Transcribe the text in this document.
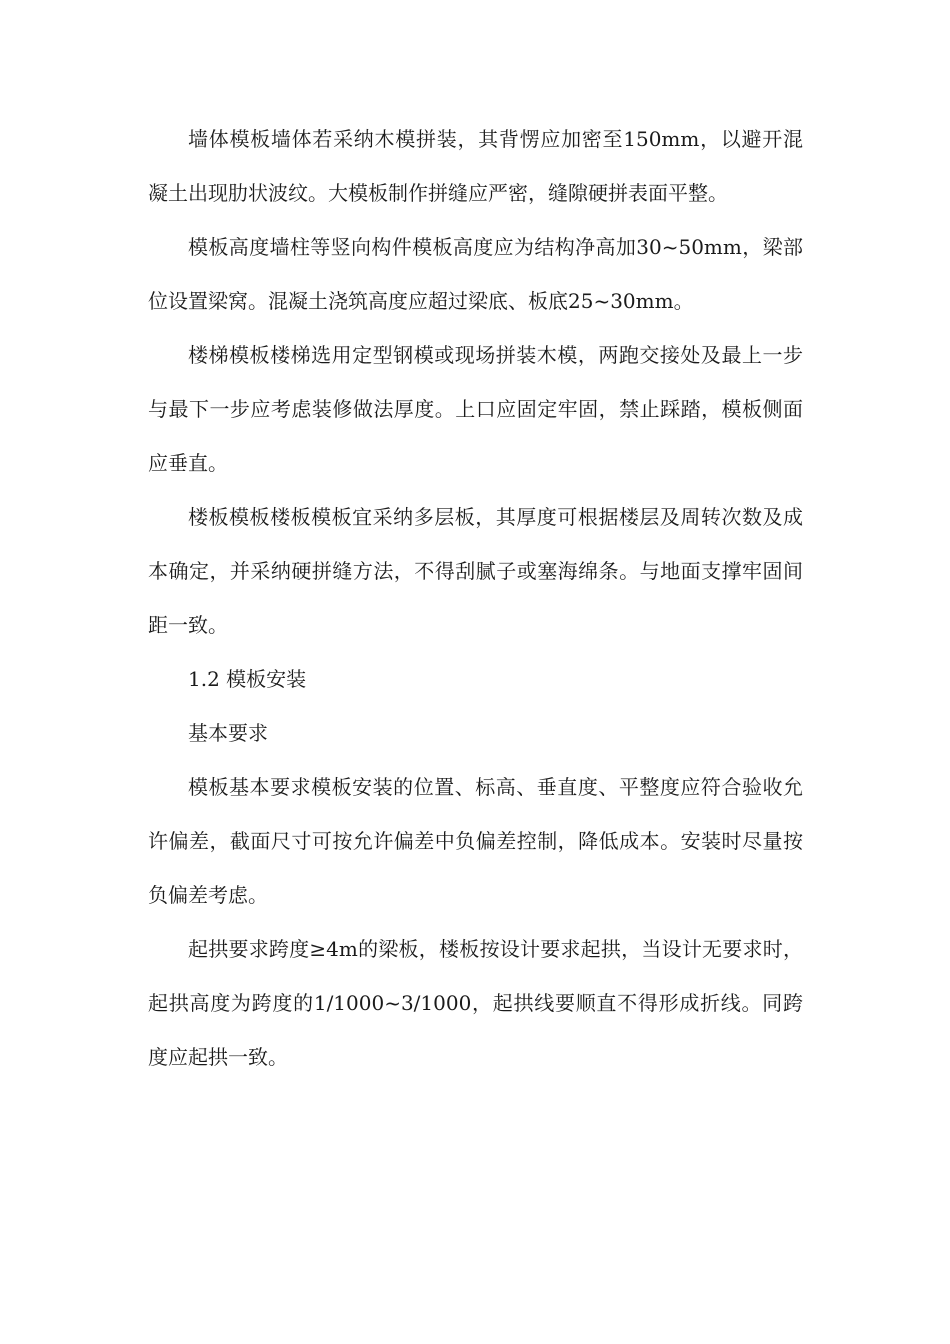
墙体模板墙体若采纳木模拼装，其背愣应加密至150mm，以避开混凝土出现肋状波纹。大模板制作拼缝应严密，缝隙硬拼表面平整。

模板高度墙柱等竖向构件模板高度应为结构净高加30~50mm，梁部位设置梁窝。混凝土浇筑高度应超过梁底、板底25~30mm。

楼梯模板楼梯选用定型钢模或现场拼装木模，两跑交接处及最上一步与最下一步应考虑装修做法厚度。上口应固定牢固，禁止踩踏，模板侧面应垂直。

楼板模板楼板模板宜采纳多层板，其厚度可根据楼层及周转次数及成本确定，并采纳硬拼缝方法，不得刮腻子或塞海绵条。与地面支撑牢固间距一致。

1.2 模板安装

基本要求

模板基本要求模板安装的位置、标高、垂直度、平整度应符合验收允许偏差，截面尺寸可按允许偏差中负偏差控制，降低成本。安装时尽量按负偏差考虑。

起拱要求跨度≥4m的梁板，楼板按设计要求起拱，当设计无要求时，起拱高度为跨度的1/1000~3/1000，起拱线要顺直不得形成折线。同跨度应起拱一致。
